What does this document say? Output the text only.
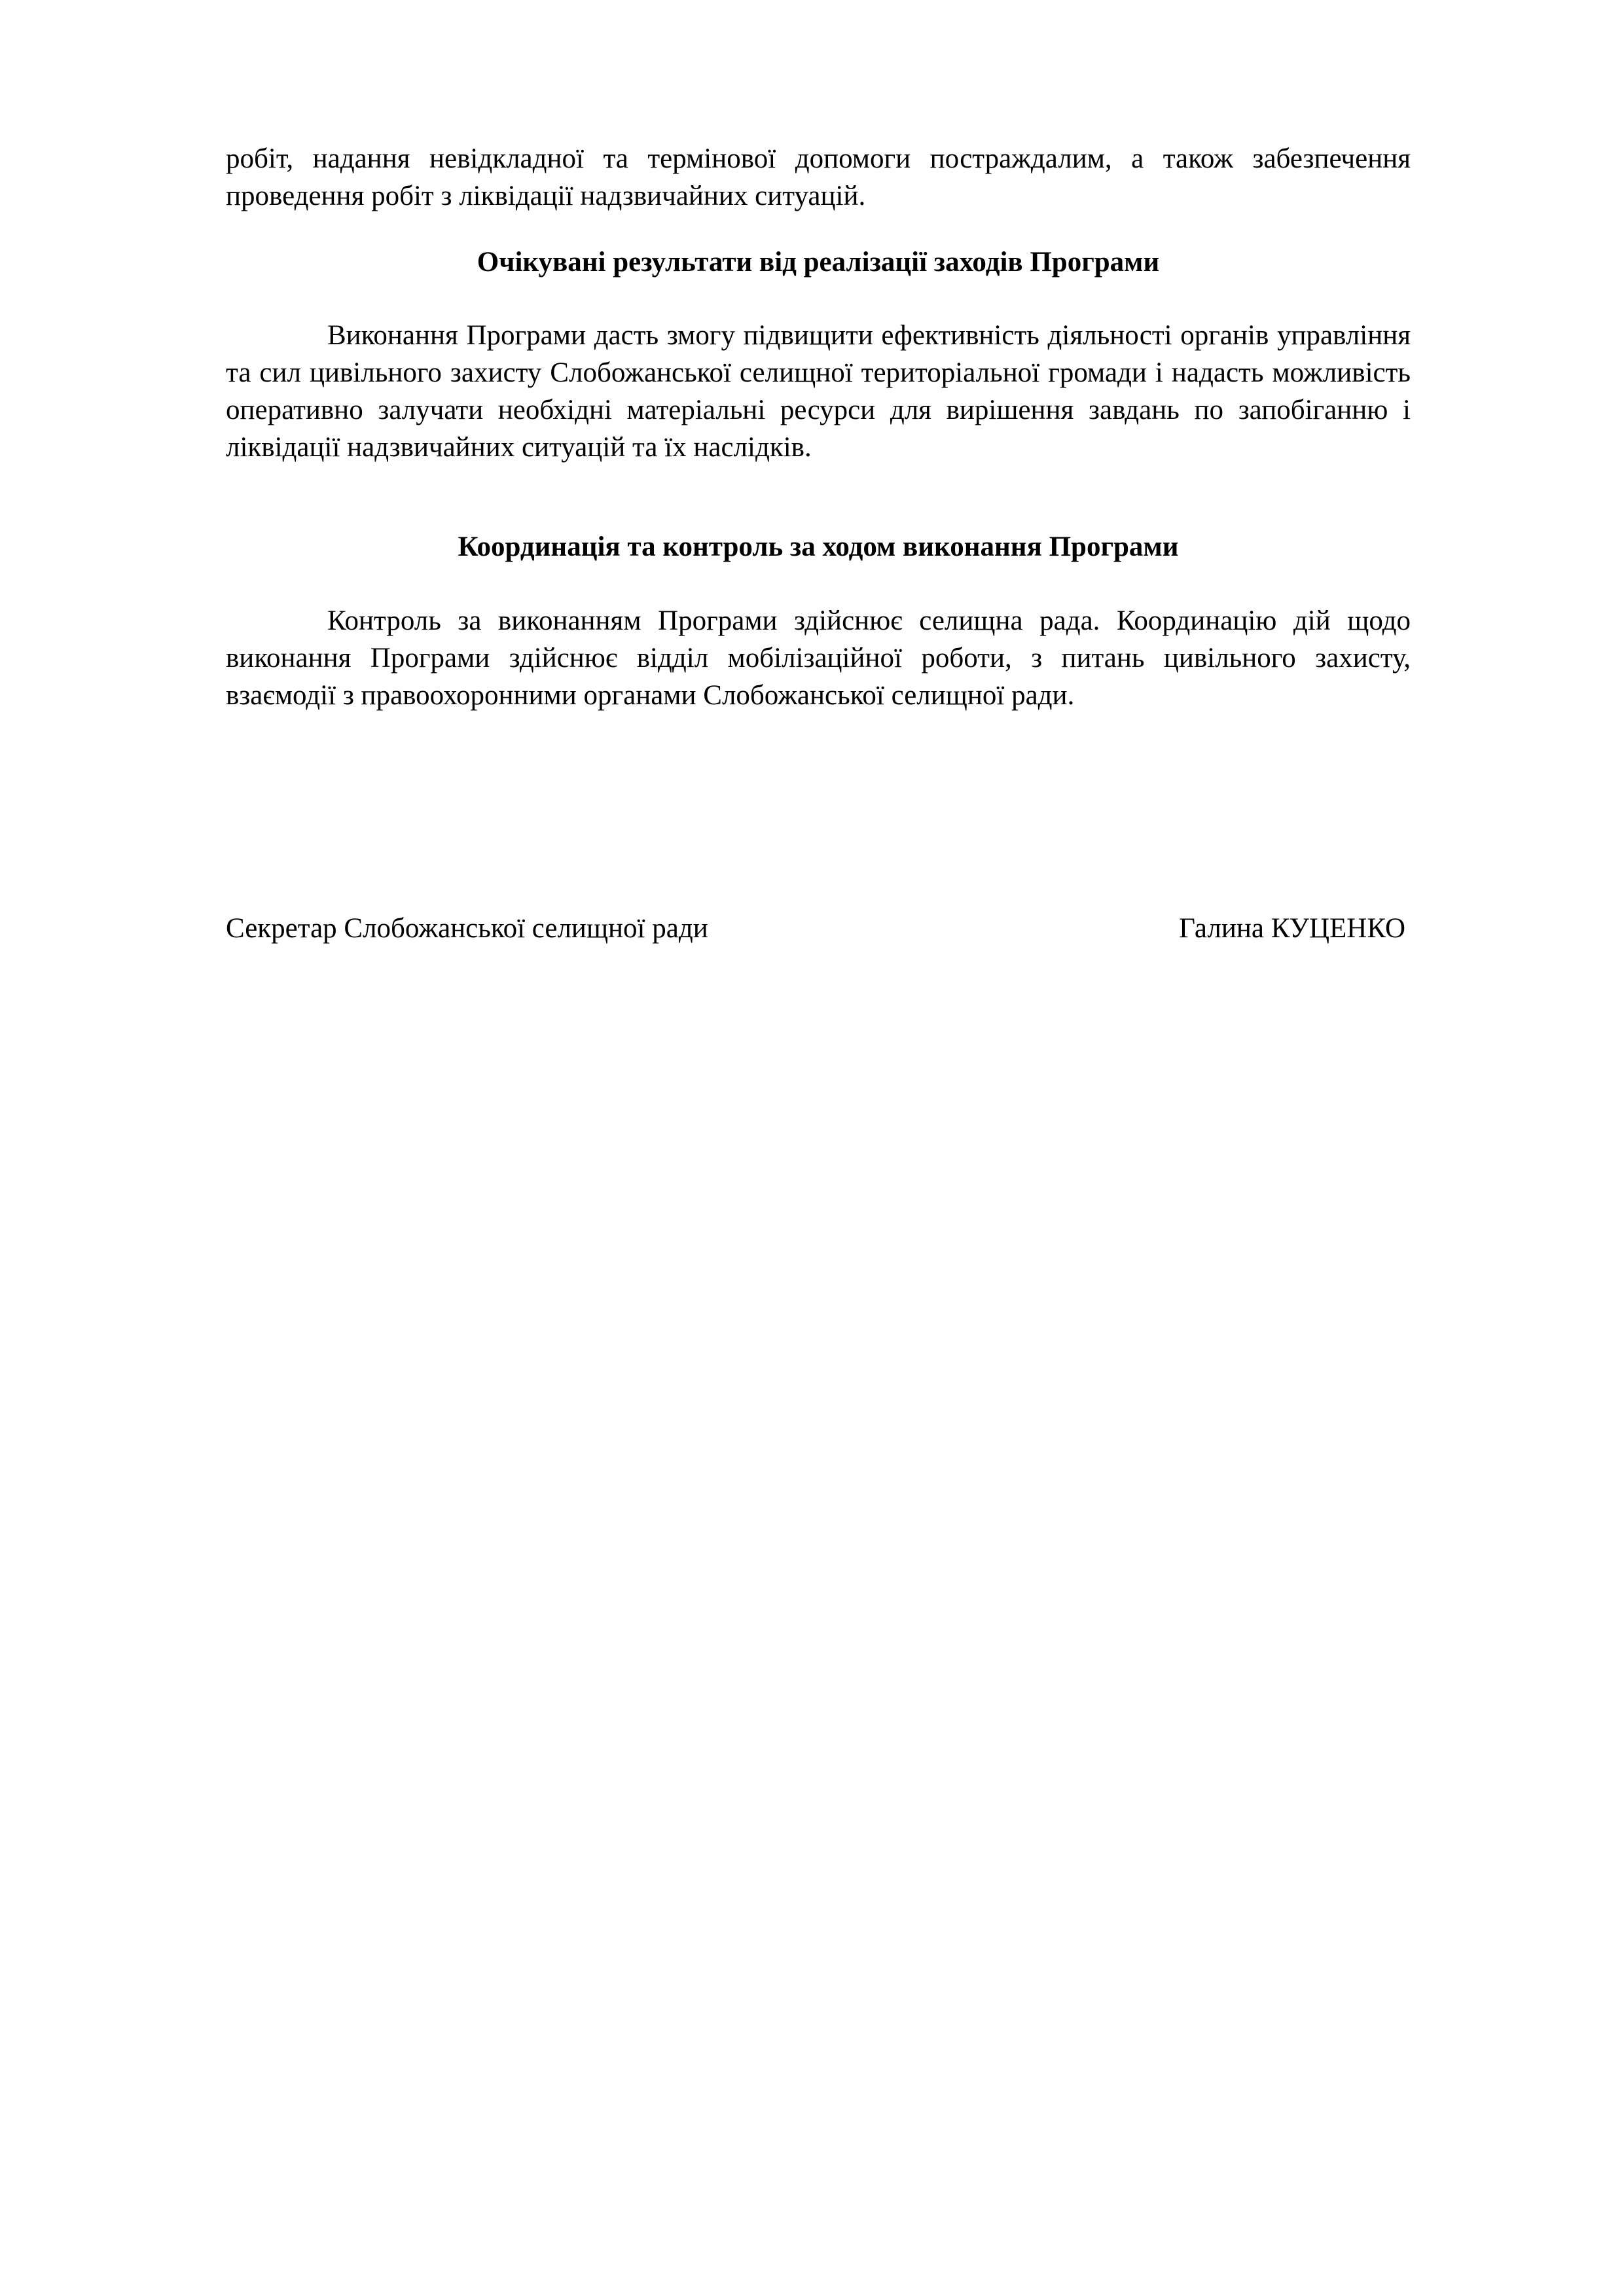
робіт, надання невідкладної та термінової допомоги постраждалим, а також забезпечення проведення робіт з ліквідації надзвичайних ситуацій.

Очікувані результати від реалізації заходів Програми

Виконання Програми дасть змогу підвищити ефективність діяльності органів управління та сил цивільного захисту Слобожанської селищної територіальної громади і надасть можливість оперативно залучати необхідні матеріальні ресурси для вирішення завдань по запобіганню і ліквідації надзвичайних ситуацій та їх наслідків.

Координація та контроль за ходом виконання Програми

Контроль за виконанням Програми здійснює селищна рада. Координацію дій щодо виконання Програми здійснює відділ мобілізаційної роботи, з питань цивільного захисту, взаємодії з правоохоронними органами Слобожанської селищної ради.

Секретар Слобожанської селищної ради	Галина КУЦЕНКО
